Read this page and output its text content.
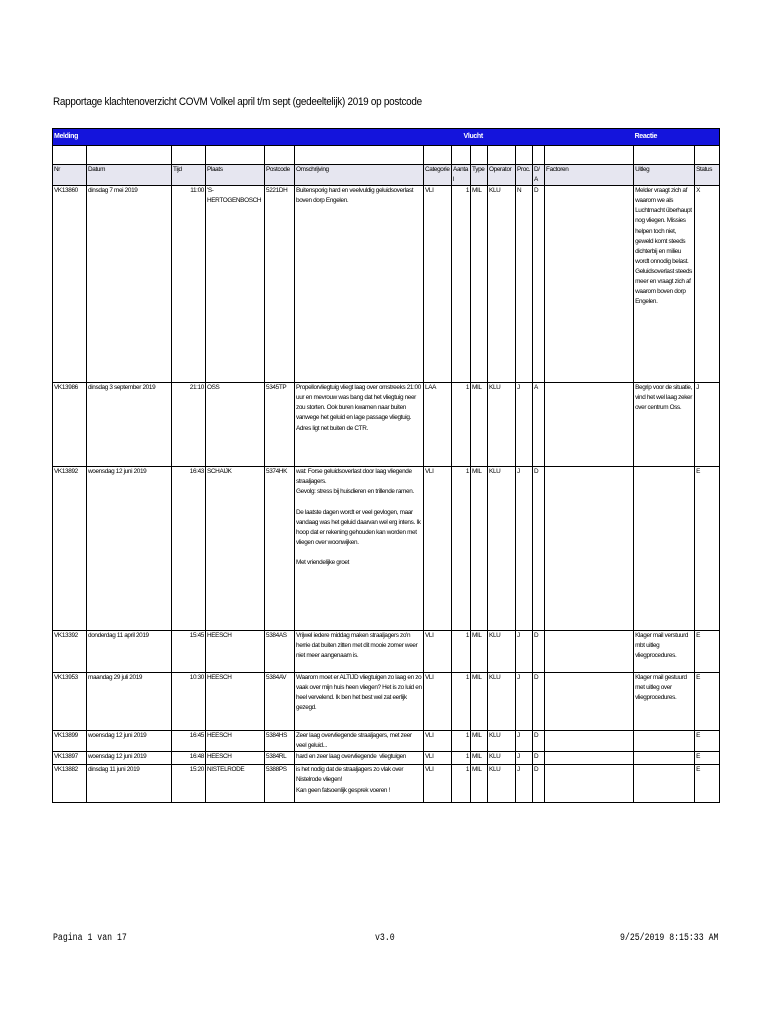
Rapportage klachtenoverzicht COVM Volkel april t/m sept (gedeeltelijk) 2019 op postcode
Melding							Vlucht						Reactie	

Nr	Datum	Tijd	Plaats	Postcode	Omschrijving	Categorie	Aantal	Type	Operator	Proc.	D/A	Factoren	Uitleg	Status
VK13860	dinsdag 7 mei 2019	11:00	'S-HERTOGENBOSCH	5221DH	Buitensporig hard en veelvuldig geluidsoverlast boven dorp Engelen.	VLI	1	MIL	KLU	N	D		Melder vraagt zich af waarom we als Luchtmacht überhaupt nog vliegen. Missies helpen toch niet, geweld komt steeds dichterbij en milieu wordt onnodig belast. Geluidsoverlast steeds meer en vraagt zich af waarom boven dorp Engelen.	X
VK13986	dinsdag 3 september 2019	21:10	OSS	5345TP	Propellorvliegtuig vliegt laag over omstreeks 21:00 uur en mevrouw was bang dat het vliegtuig neer zou storten. Ook buren kwamen naar buiten vanwege het geluid en lage passage vliegtuig. Adres ligt net buiten de CTR.	LAA	1	MIL	KLU	J	A		Begrip voor de situatie, vind het wel laag zeker over centrum Oss.	J
VK13892	woensdag 12 juni 2019	16:43	SCHAIJK	5374HK	wat: Forse geluidsoverlast door laag vliegende straaljagers.
Gevolg: stress bij huisdieren en trillende ramen.

De laatste dagen wordt er veel gevlogen, maar vandaag was het geluid daarvan wel erg intens. Ik hoop dat er rekening gehouden kan worden met vliegen over woonwijken.

Met vriendelijke groet	VLI	1	MIL	KLU	J	D			E
VK13392	donderdag 11 april 2019	15:45	HEESCH	5384AS	Vrijwel iedere middag maken straaljagers zo'n herrie dat buiten zitten met dit mooie zomer weer niet meer aangenaam is.	VLI	1	MIL	KLU	J	D		Klager mail verstuurd mbt uitleg vliegprocedures.	E
VK13953	maandag 29 juli 2019	10:30	HEESCH	5384AV	Waarom moet er ALTIJD vliegtuigen zo laag en zo vaak over mijn huis heen vliegen? Het is zo luid en heel vervelend. Ik ben het best wel zat eerlijk gezegd.	VLI	1	MIL	KLU	J	D		Klager mail gestuurd met uitleg over vliegprocedures.	E
VK13899	woensdag 12 juni 2019	16:45	HEESCH	5384HS	Zeer laag overvliegende straaljagers, met zeer veel geluid...	VLI	1	MIL	KLU	J	D			E
VK13897	woensdag 12 juni 2019	16:48	HEESCH	5384RL	hard en zeer laag overvliegende  vliegtuigen	VLI	1	MIL	KLU	J	D			E
VK13882	dinsdag 11 juni 2019	15:20	NISTELRODE	5388PS	is het nodig dat de straaljagers zo vlak over Nistelrode vliegen!
Kan geen fatsoenlijk gesprek voeren !	VLI	1	MIL	KLU	J	D			E
Pagina 1 van 17	v3.0	9/25/2019 8:15:33 AM
